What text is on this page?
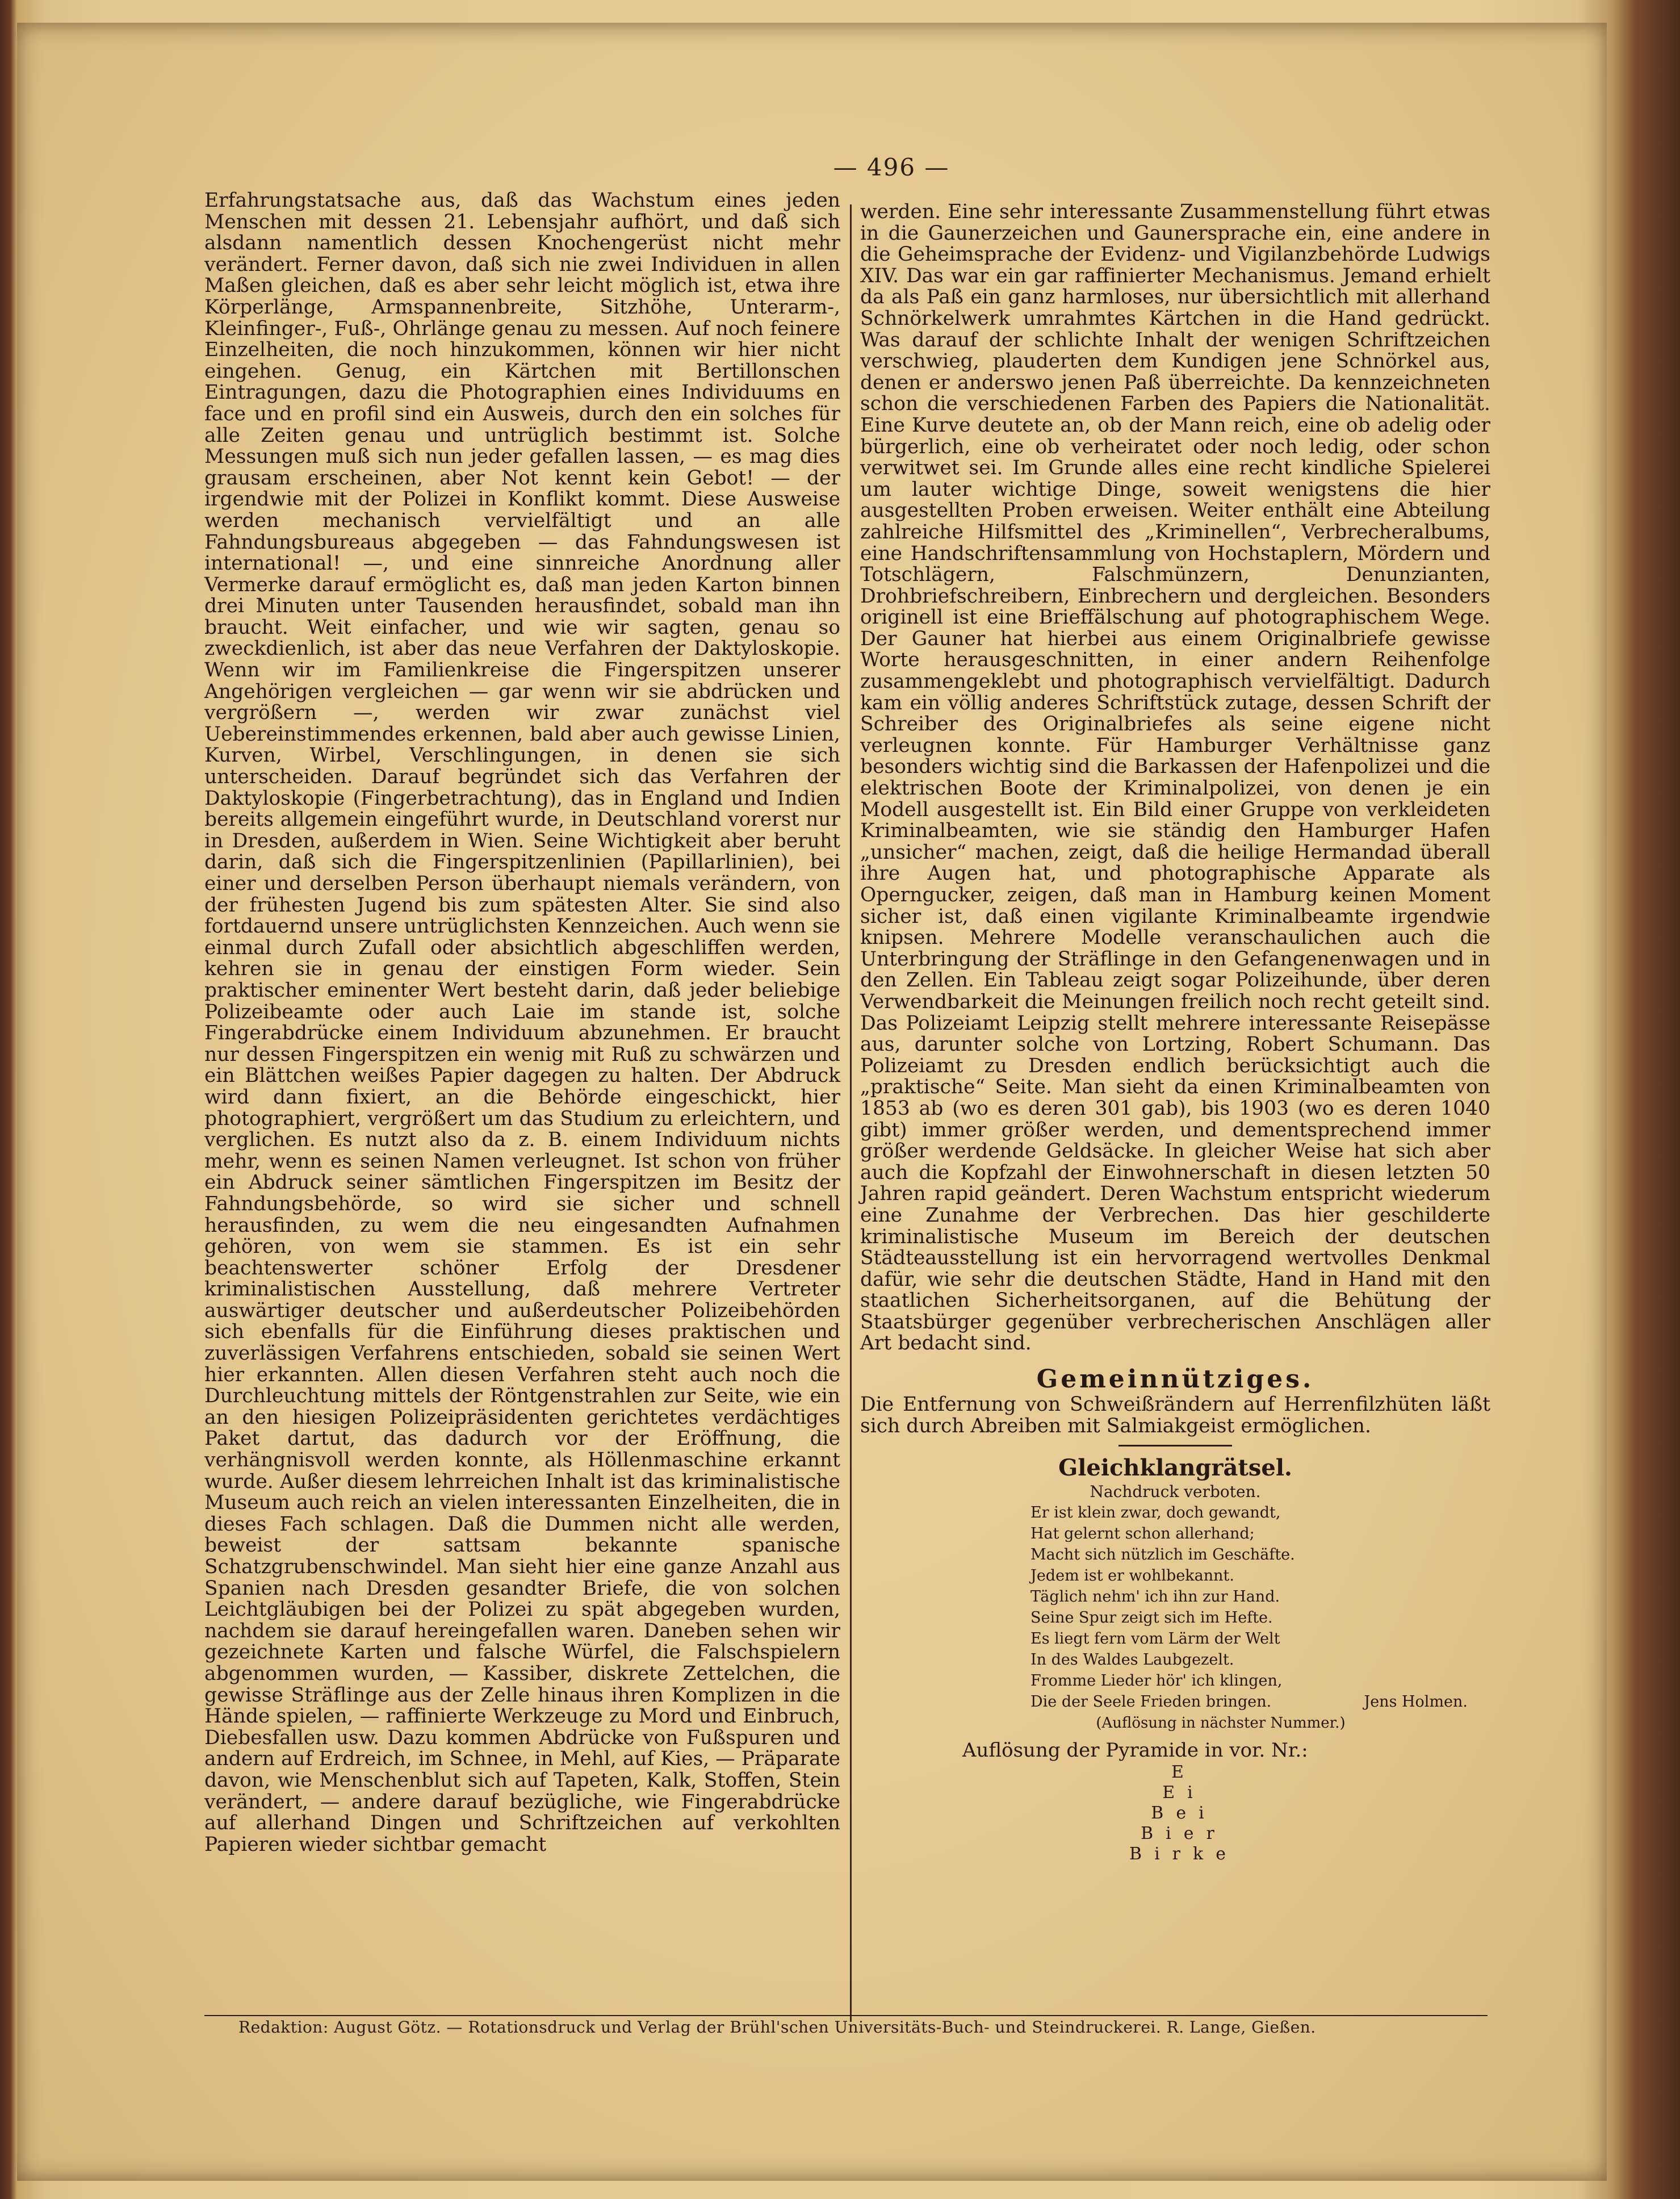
— 496 —

Erfahrungstatsache aus, daß das Wachstum eines jeden Menschen mit dessen 21. Lebensjahr aufhört, und daß sich alsdann namentlich dessen Knochengerüst nicht mehr verändert. Ferner davon, daß sich nie zwei Individuen in allen Maßen gleichen, daß es aber sehr leicht möglich ist, etwa ihre Körperlänge, Armspannenbreite, Sitzhöhe, Unterarm-, Kleinfinger-, Fuß-, Ohrlänge genau zu messen. Auf noch feinere Einzelheiten, die noch hinzukommen, können wir hier nicht eingehen. Genug, ein Kärtchen mit Bertillonschen Eintragungen, dazu die Photographien eines Individuums en face und en profil sind ein Ausweis, durch den ein solches für alle Zeiten genau und untrüglich bestimmt ist. Solche Messungen muß sich nun jeder gefallen lassen, — es mag dies grausam erscheinen, aber Not kennt kein Gebot! — der irgendwie mit der Polizei in Konflikt kommt. Diese Ausweise werden mechanisch vervielfältigt und an alle Fahndungsbureaus abgegeben — das Fahndungswesen ist international! —, und eine sinnreiche Anordnung aller Vermerke darauf ermöglicht es, daß man jeden Karton binnen drei Minuten unter Tausenden herausfindet, sobald man ihn braucht. Weit einfacher, und wie wir sagten, genau so zweckdienlich, ist aber das neue Verfahren der Daktyloskopie. Wenn wir im Familienkreise die Fingerspitzen unserer Angehörigen vergleichen — gar wenn wir sie abdrücken und vergrößern —, werden wir zwar zunächst viel Uebereinstimmendes erkennen, bald aber auch gewisse Linien, Kurven, Wirbel, Verschlingungen, in denen sie sich unterscheiden. Darauf begründet sich das Verfahren der Daktyloskopie (Fingerbetrachtung), das in England und Indien bereits allgemein eingeführt wurde, in Deutschland vorerst nur in Dresden, außerdem in Wien. Seine Wichtigkeit aber beruht darin, daß sich die Fingerspitzenlinien (Papillarlinien), bei einer und derselben Person überhaupt niemals verändern, von der frühesten Jugend bis zum spätesten Alter. Sie sind also fortdauernd unsere untrüglichsten Kennzeichen. Auch wenn sie einmal durch Zufall oder absichtlich abgeschliffen werden, kehren sie in genau der einstigen Form wieder. Sein praktischer eminenter Wert besteht darin, daß jeder beliebige Polizeibeamte oder auch Laie im stande ist, solche Fingerabdrücke einem Individuum abzunehmen. Er braucht nur dessen Fingerspitzen ein wenig mit Ruß zu schwärzen und ein Blättchen weißes Papier dagegen zu halten. Der Abdruck wird dann fixiert, an die Behörde eingeschickt, hier photographiert, vergrößert um das Studium zu erleichtern, und verglichen. Es nutzt also da z. B. einem Individuum nichts mehr, wenn es seinen Namen verleugnet. Ist schon von früher ein Abdruck seiner sämtlichen Fingerspitzen im Besitz der Fahndungsbehörde, so wird sie sicher und schnell herausfinden, zu wem die neu eingesandten Aufnahmen gehören, von wem sie stammen. Es ist ein sehr beachtenswerter schöner Erfolg der Dresdener kriminalistischen Ausstellung, daß mehrere Vertreter auswärtiger deutscher und außerdeutscher Polizeibehörden sich ebenfalls für die Einführung dieses praktischen und zuverlässigen Verfahrens entschieden, sobald sie seinen Wert hier erkannten. Allen diesen Verfahren steht auch noch die Durchleuchtung mittels der Röntgenstrahlen zur Seite, wie ein an den hiesigen Polizeipräsidenten gerichtetes verdächtiges Paket dartut, das dadurch vor der Eröffnung, die verhängnisvoll werden konnte, als Höllenmaschine erkannt wurde. Außer diesem lehrreichen Inhalt ist das kriminalistische Museum auch reich an vielen interessanten Einzelheiten, die in dieses Fach schlagen. Daß die Dummen nicht alle werden, beweist der sattsam bekannte spanische Schatzgrubenschwindel. Man sieht hier eine ganze Anzahl aus Spanien nach Dresden gesandter Briefe, die von solchen Leichtgläubigen bei der Polizei zu spät abgegeben wurden, nachdem sie darauf hereingefallen waren. Daneben sehen wir gezeichnete Karten und falsche Würfel, die Falschspielern abgenommen wurden, — Kassiber, diskrete Zettelchen, die gewisse Sträflinge aus der Zelle hinaus ihren Komplizen in die Hände spielen, — raffinierte Werkzeuge zu Mord und Einbruch, Diebesfallen usw. Dazu kommen Abdrücke von Fußspuren und andern auf Erdreich, im Schnee, in Mehl, auf Kies, — Präparate davon, wie Menschenblut sich auf Tapeten, Kalk, Stoffen, Stein verändert, — andere darauf bezügliche, wie Fingerabdrücke auf allerhand Dingen und Schriftzeichen auf verkohlten Papieren wieder sichtbar gemacht

werden. Eine sehr interessante Zusammenstellung führt etwas in die Gaunerzeichen und Gaunersprache ein, eine andere in die Geheimsprache der Evidenz- und Vigilanzbehörde Ludwigs XIV. Das war ein gar raffinierter Mechanismus. Jemand erhielt da als Paß ein ganz harmloses, nur übersichtlich mit allerhand Schnörkelwerk umrahmtes Kärtchen in die Hand gedrückt. Was darauf der schlichte Inhalt der wenigen Schriftzeichen verschwieg, plauderten dem Kundigen jene Schnörkel aus, denen er anderswo jenen Paß überreichte. Da kennzeichneten schon die verschiedenen Farben des Papiers die Nationalität. Eine Kurve deutete an, ob der Mann reich, eine ob adelig oder bürgerlich, eine ob verheiratet oder noch ledig, oder schon verwitwet sei. Im Grunde alles eine recht kindliche Spielerei um lauter wichtige Dinge, soweit wenigstens die hier ausgestellten Proben erweisen. Weiter enthält eine Abteilung zahlreiche Hilfsmittel des „Kriminellen“, Verbrecheralbums, eine Handschriftensammlung von Hochstaplern, Mördern und Totschlägern, Falschmünzern, Denunzianten, Drohbriefschreibern, Einbrechern und dergleichen. Besonders originell ist eine Brieffälschung auf photographischem Wege. Der Gauner hat hierbei aus einem Originalbriefe gewisse Worte herausgeschnitten, in einer andern Reihenfolge zusammengeklebt und photographisch vervielfältigt. Dadurch kam ein völlig anderes Schriftstück zutage, dessen Schrift der Schreiber des Originalbriefes als seine eigene nicht verleugnen konnte. Für Hamburger Verhältnisse ganz besonders wichtig sind die Barkassen der Hafenpolizei und die elektrischen Boote der Kriminalpolizei, von denen je ein Modell ausgestellt ist. Ein Bild einer Gruppe von verkleideten Kriminalbeamten, wie sie ständig den Hamburger Hafen „unsicher“ machen, zeigt, daß die heilige Hermandad überall ihre Augen hat, und photographische Apparate als Operngucker, zeigen, daß man in Hamburg keinen Moment sicher ist, daß einen vigilante Kriminalbeamte irgendwie knipsen. Mehrere Modelle veranschaulichen auch die Unterbringung der Sträflinge in den Gefangenenwagen und in den Zellen. Ein Tableau zeigt sogar Polizeihunde, über deren Verwendbarkeit die Meinungen freilich noch recht geteilt sind. Das Polizeiamt Leipzig stellt mehrere interessante Reisepässe aus, darunter solche von Lortzing, Robert Schumann. Das Polizeiamt zu Dresden endlich berücksichtigt auch die „praktische“ Seite. Man sieht da einen Kriminalbeamten von 1853 ab (wo es deren 301 gab), bis 1903 (wo es deren 1040 gibt) immer größer werden, und dementsprechend immer größer werdende Geldsäcke. In gleicher Weise hat sich aber auch die Kopfzahl der Einwohnerschaft in diesen letzten 50 Jahren rapid geändert. Deren Wachstum entspricht wiederum eine Zunahme der Verbrechen. Das hier geschilderte kriminalistische Museum im Bereich der deutschen Städteausstellung ist ein hervorragend wertvolles Denkmal dafür, wie sehr die deutschen Städte, Hand in Hand mit den staatlichen Sicherheitsorganen, auf die Behütung der Staatsbürger gegenüber verbrecherischen Anschlägen aller Art bedacht sind.

Gemeinnütziges.

Die Entfernung von Schweißrändern auf Herrenfilzhüten läßt sich durch Abreiben mit Salmiakgeist ermöglichen.

Gleichklangrätsel.
Nachdruck verboten.
Er ist klein zwar, doch gewandt,
Hat gelernt schon allerhand;
Macht sich nützlich im Geschäfte.
Jedem ist er wohlbekannt.
Täglich nehm' ich ihn zur Hand.
Seine Spur zeigt sich im Hefte.
Es liegt fern vom Lärm der Welt
In des Waldes Laubgezelt.
Fromme Lieder hör' ich klingen,
Die der Seele Frieden bringen.	Jens Holmen.
(Auflösung in nächster Nummer.)
Auflösung der Pyramide in vor. Nr.:
E
Ei
Bei
Bier
Birke
Redaktion: August Götz. — Rotationsdruck und Verlag der Brühl'schen Universitäts-Buch- und Steindruckerei. R. Lange, Gießen.
